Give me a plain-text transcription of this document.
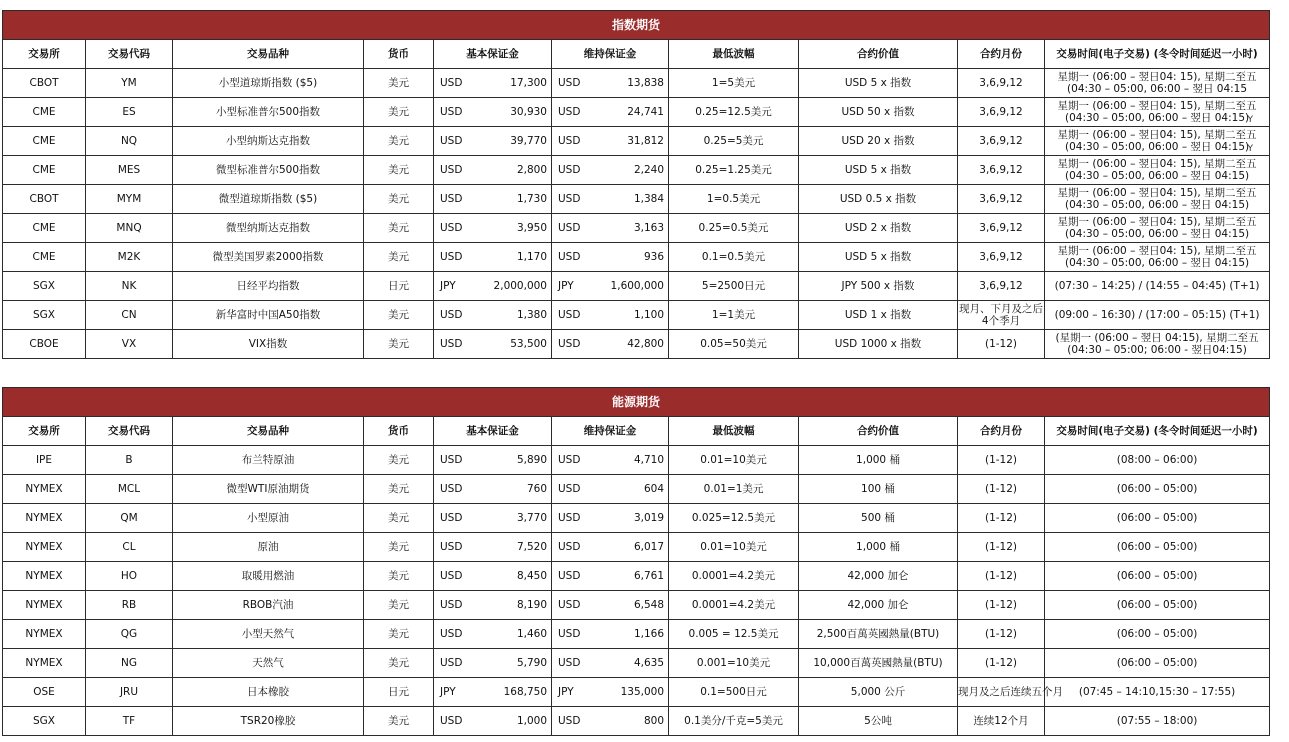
指数期货									
交易所	交易代码	交易品种	货币	基本保证金	维持保证金	最低波幅	合约价值	合约月份	交易时间(电子交易) (冬令时间延迟一小时)
CBOT	YM	小型道琼斯指数 ($5)	美元	USD 17,300	USD 13,838	1=5美元	USD 5 x 指数	3,6,9,12	星期一 (06:00 – 翌日04: 15), 星期二至五 (04:30 – 05:00, 06:00 – 翌日 04:15
CME	ES	小型标准普尔500指数	美元	USD 30,930	USD 24,741	0.25=12.5美元	USD 50 x 指数	3,6,9,12	星期一 (06:00 – 翌日04: 15), 星期二至五 (04:30 – 05:00, 06:00 – 翌日 04:15)
CME	NQ	小型纳斯达克指数	美元	USD 39,770	USD 31,812	0.25=5美元	USD 20 x 指数	3,6,9,12	星期一 (06:00 – 翌日04: 15), 星期二至五 (04:30 – 05:00, 06:00 – 翌日 04:15)
CME	MES	微型标准普尔500指数	美元	USD 2,800	USD 2,240	0.25=1.25美元	USD 5 x 指数	3,6,9,12	星期一 (06:00 – 翌日04: 15), 星期二至五 (04:30 – 05:00, 06:00 – 翌日 04:15)
CBOT	MYM	微型道琼斯指数 ($5)	美元	USD 1,730	USD 1,384	1=0.5美元	USD 0.5 x 指数	3,6,9,12	星期一 (06:00 – 翌日04: 15), 星期二至五 (04:30 – 05:00, 06:00 – 翌日 04:15)
CME	MNQ	微型纳斯达克指数	美元	USD 3,950	USD 3,163	0.25=0.5美元	USD 2 x 指数	3,6,9,12	星期一 (06:00 – 翌日04: 15), 星期二至五 (04:30 – 05:00, 06:00 – 翌日 04:15)
CME	M2K	微型美国罗素2000指数	美元	USD 1,170	USD 936	0.1=0.5美元	USD 5 x 指数	3,6,9,12	星期一 (06:00 – 翌日04: 15), 星期二至五 (04:30 – 05:00, 06:00 – 翌日 04:15)
SGX	NK	日经平均指数	日元	JPY 2,000,000	JPY 1,600,000	5=2500日元	JPY 500 x 指数	3,6,9,12	(07:30 – 14:25) / (14:55 – 04:45) (T+1)
SGX	CN	新华富时中国A50指数	美元	USD 1,380	USD 1,100	1=1美元	USD 1 x 指数	现月、下月及之后4个季月	(09:00 – 16:30) / (17:00 – 05:15) (T+1)
CBOE	VX	VIX指数	美元	USD 53,500	USD 42,800	0.05=50美元	USD 1000 x 指数	(1-12)	(星期一 (06:00 – 翌日 04:15), 星期二至五 (04:30 – 05:00; 06:00 - 翌日04:15)
Y
Y
能源期货									
交易所	交易代码	交易品种	货币	基本保证金	维持保证金	最低波幅	合约价值	合约月份	交易时间(电子交易) (冬令时间延迟一小时)
IPE	B	布兰特原油	美元	USD 5,890	USD 4,710	0.01=10美元	1,000 桶	(1-12)	(08:00 – 06:00)
NYMEX	MCL	微型WTI原油期货	美元	USD 760	USD 604	0.01=1美元	100 桶	(1-12)	(06:00 – 05:00)
NYMEX	QM	小型原油	美元	USD 3,770	USD 3,019	0.025=12.5美元	500 桶	(1-12)	(06:00 – 05:00)
NYMEX	CL	原油	美元	USD 7,520	USD 6,017	0.01=10美元	1,000 桶	(1-12)	(06:00 – 05:00)
NYMEX	HO	取暖用燃油	美元	USD 8,450	USD 6,761	0.0001=4.2美元	42,000 加仑	(1-12)	(06:00 – 05:00)
NYMEX	RB	RBOB汽油	美元	USD 8,190	USD 6,548	0.0001=4.2美元	42,000 加仑	(1-12)	(06:00 – 05:00)
NYMEX	QG	小型天然气	美元	USD 1,460	USD 1,166	0.005 = 12.5美元	2,500百萬英國熱量(BTU)	(1-12)	(06:00 – 05:00)
NYMEX	NG	天然气	美元	USD 5,790	USD 4,635	0.001=10美元	10,000百萬英國熱量(BTU)	(1-12)	(06:00 – 05:00)
OSE	JRU	日本橡胶	日元	JPY 168,750	JPY 135,000	0.1=500日元	5,000 公斤	现月及之后连续五个月	(07:45 – 14:10,15:30 – 17:55)
SGX	TF	TSR20橡胶	美元	USD 1,000	USD 800	0.1美分/千克=5美元	5公吨	连续12个月	(07:55 – 18:00)
